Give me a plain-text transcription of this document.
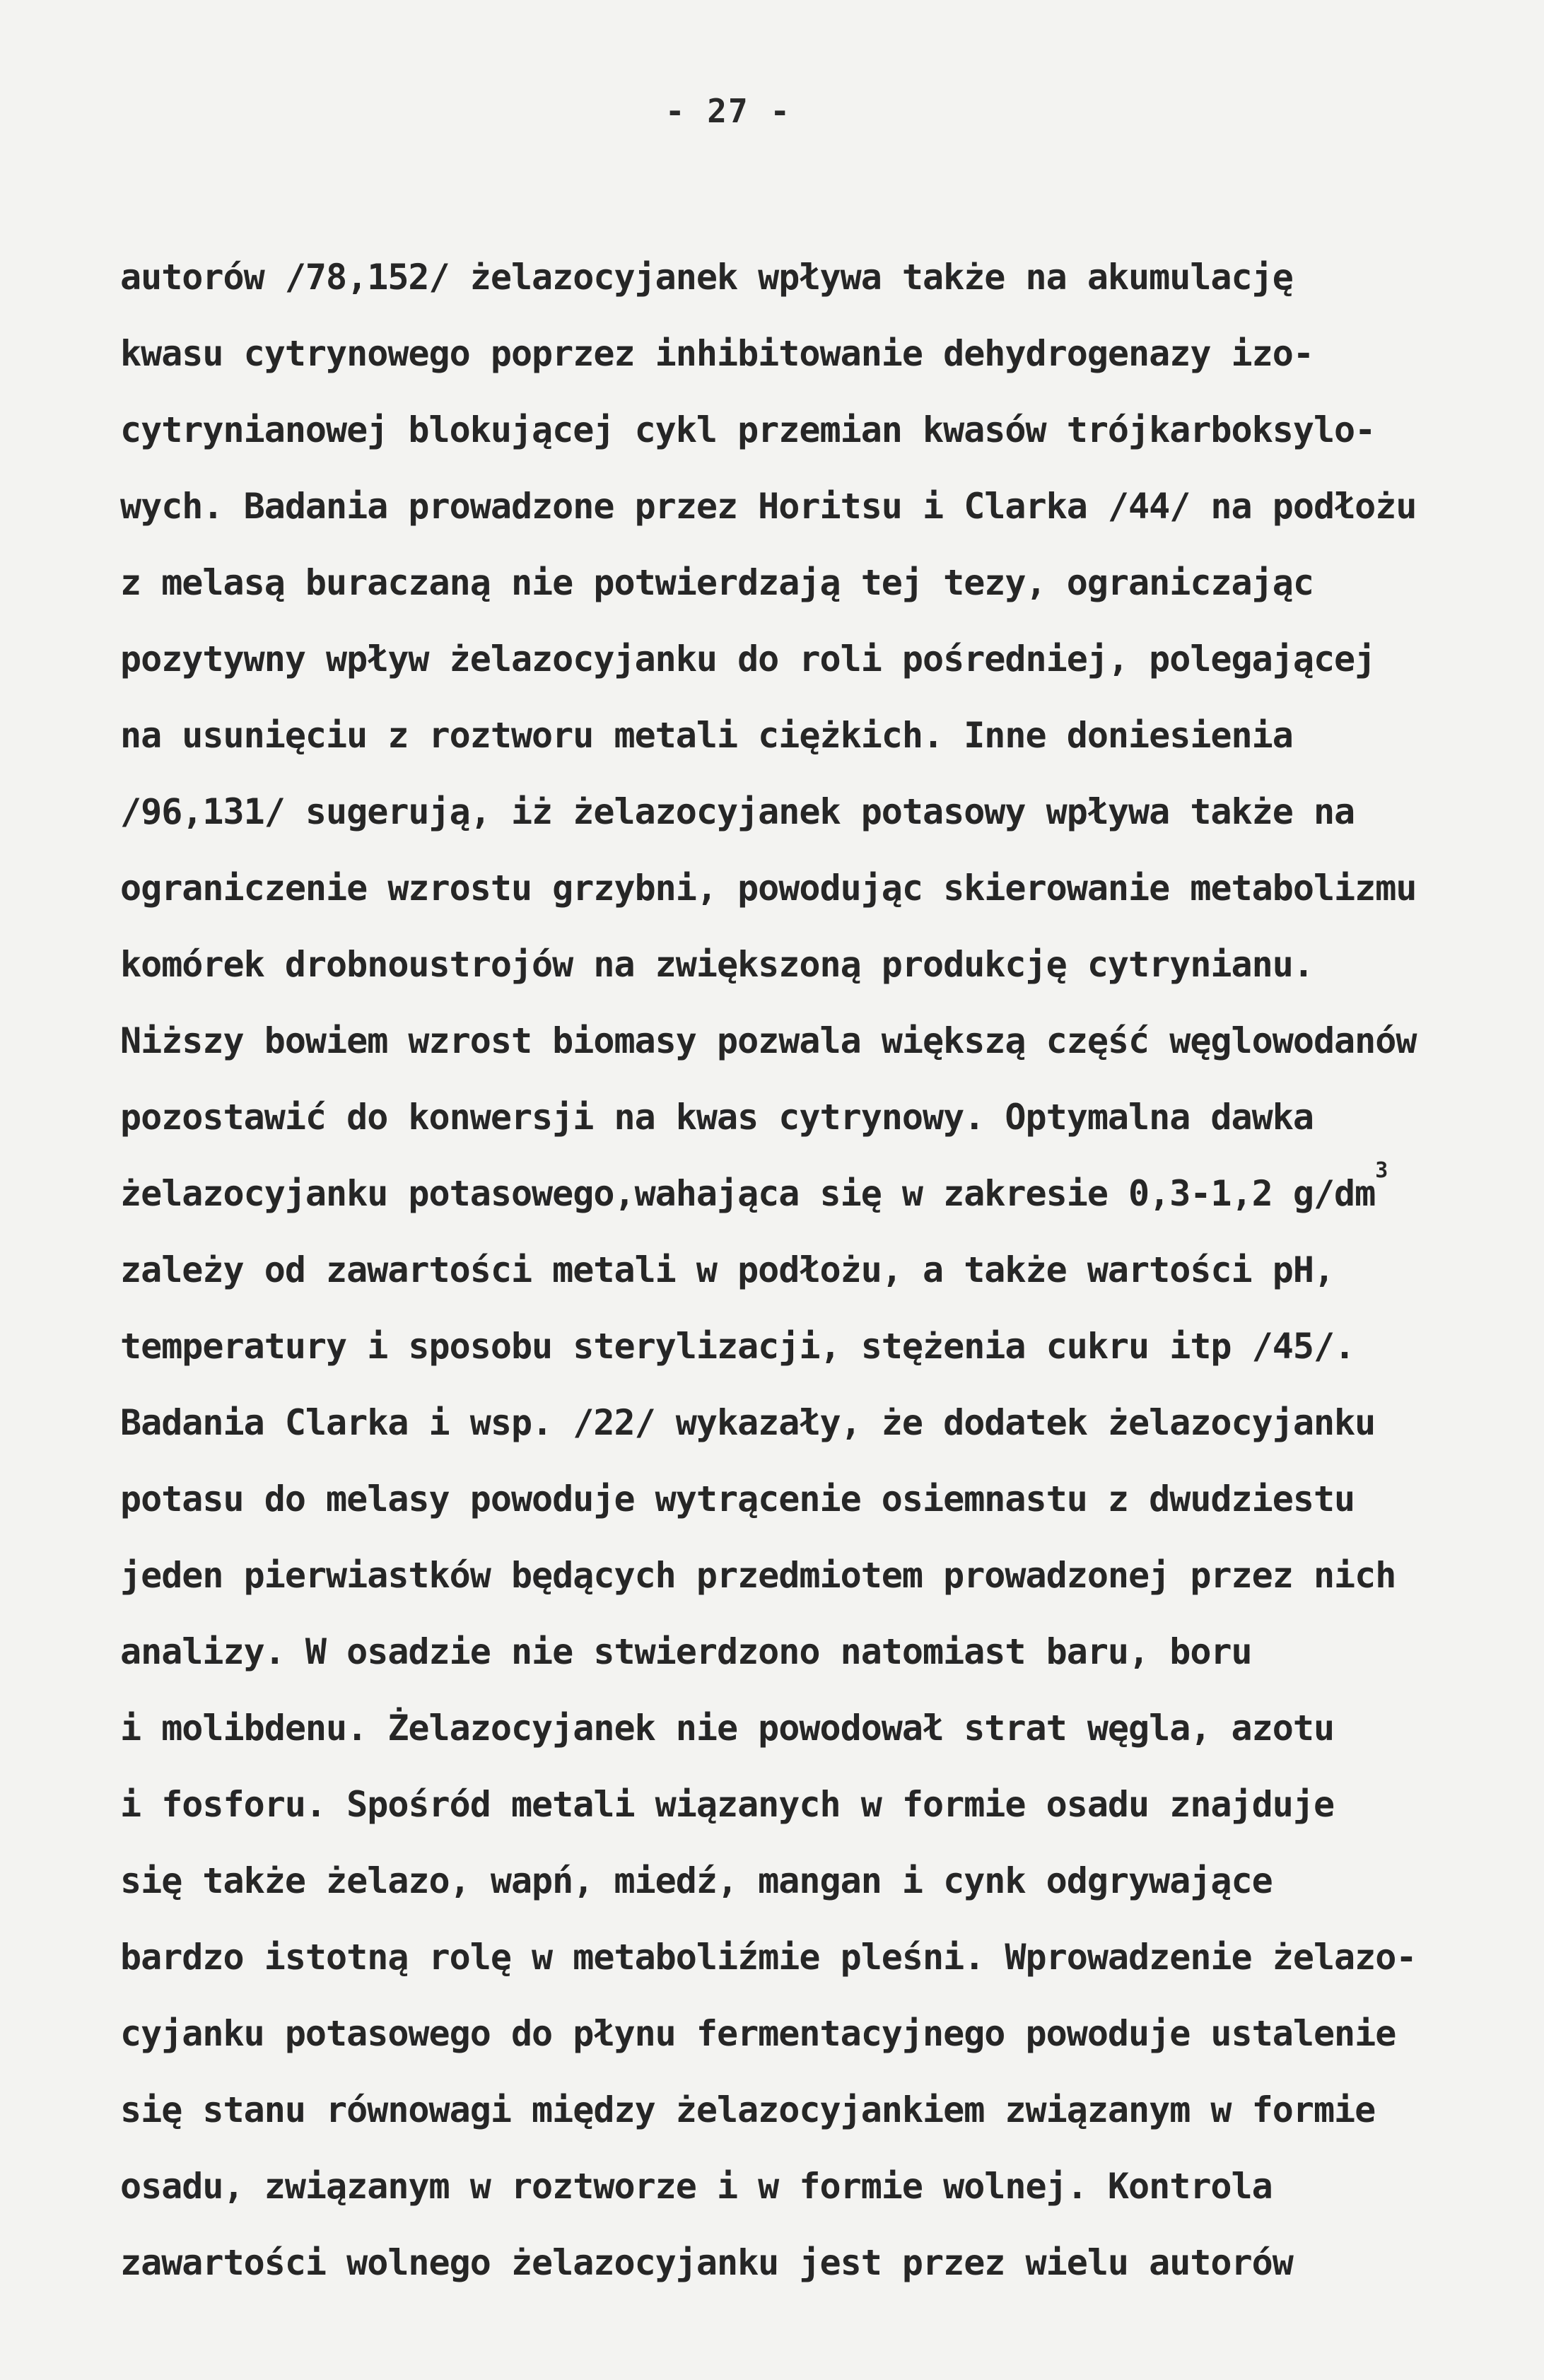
- 27 -
autorów /78,152/ żelazocyjanek wpływa także na akumulację
kwasu cytrynowego poprzez inhibitowanie dehydrogenazy izo-
cytrynianowej blokującej cykl przemian kwasów trójkarboksylo-
wych. Badania prowadzone przez Horitsu i Clarka /44/ na podłożu
z melasą buraczaną nie potwierdzają tej tezy, ograniczając
pozytywny wpływ żelazocyjanku do roli pośredniej, polegającej
na usunięciu z roztworu metali ciężkich. Inne doniesienia
/96,131/ sugerują, iż żelazocyjanek potasowy wpływa także na
ograniczenie wzrostu grzybni, powodując skierowanie metabolizmu
komórek drobnoustrojów na zwiększoną produkcję cytrynianu.
Niższy bowiem wzrost biomasy pozwala większą część węglowodanów
pozostawić do konwersji na kwas cytrynowy. Optymalna dawka
żelazocyjanku potasowego,wahająca się w zakresie 0,3-1,2 $g/dm^3$
zależy od zawartości metali w podłożu, a także wartości pH,
temperatury i sposobu sterylizacji, stężenia cukru itp /45/.
Badania Clarka i wsp. /22/ wykazały, że dodatek żelazocyjanku
potasu do melasy powoduje wytrącenie osiemnastu z dwudziestu
jeden pierwiastków będących przedmiotem prowadzonej przez nich
analizy. W osadzie nie stwierdzono natomiast baru, boru
i molibdenu. Żelazocyjanek nie powodował strat węgla, azotu
i fosforu. Spośród metali wiązanych w formie osadu znajduje
się także żelazo, wapń, miedź, mangan i cynk odgrywające
bardzo istotną rolę w metaboliźmie pleśni. Wprowadzenie żelazo-
cyjanku potasowego do płynu fermentacyjnego powoduje ustalenie
się stanu równowagi między żelazocyjankiem związanym w formie
osadu, związanym w roztworze i w formie wolnej. Kontrola
zawartości wolnego żelazocyjanku jest przez wielu autorów
